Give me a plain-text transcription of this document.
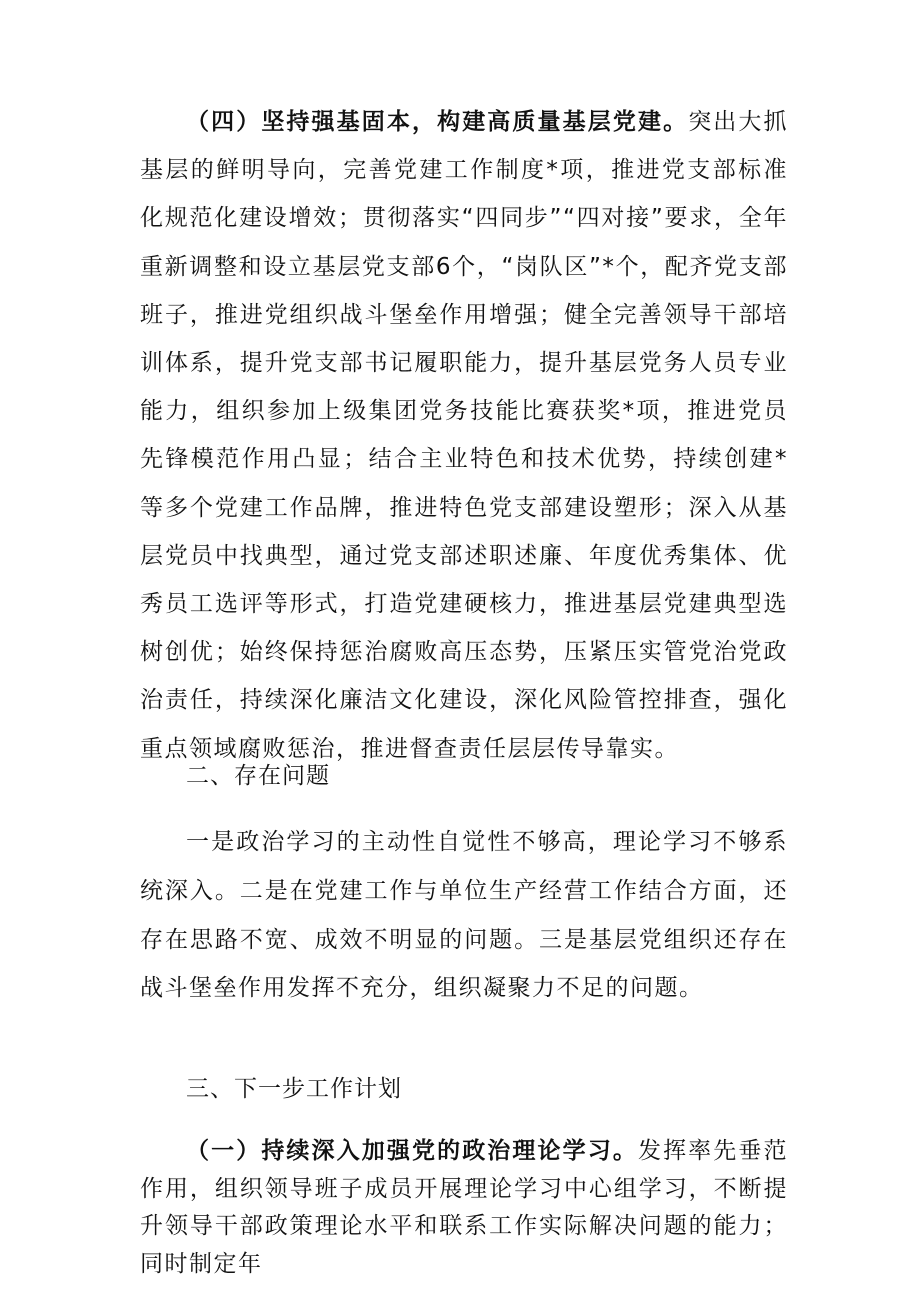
（四）坚持强基固本，构建高质量基层党建。突出大抓基层的鲜明导向，完善党建工作制度*项，推进党支部标准化规范化建设增效；贯彻落实“四同步”“四对接”要求，全年重新调整和设立基层党支部6个，“岗队区”*个，配齐党支部班子，推进党组织战斗堡垒作用增强；健全完善领导干部培训体系，提升党支部书记履职能力，提升基层党务人员专业能力，组织参加上级集团党务技能比赛获奖*项，推进党员先锋模范作用凸显；结合主业特色和技术优势，持续创建*等多个党建工作品牌，推进特色党支部建设塑形；深入从基层党员中找典型，通过党支部述职述廉、年度优秀集体、优秀员工选评等形式，打造党建硬核力，推进基层党建典型选树创优；始终保持惩治腐败高压态势，压紧压实管党治党政治责任，持续深化廉洁文化建设，深化风险管控排查，强化重点领域腐败惩治，推进督查责任层层传导靠实。

二、存在问题

一是政治学习的主动性自觉性不够高，理论学习不够系统深入。二是在党建工作与单位生产经营工作结合方面，还存在思路不宽、成效不明显的问题。三是基层党组织还存在战斗堡垒作用发挥不充分，组织凝聚力不足的问题。

三、下一步工作计划

（一）持续深入加强党的政治理论学习。发挥率先垂范作用，组织领导班子成员开展理论学习中心组学习，不断提升领导干部政策理论水平和联系工作实际解决问题的能力；同时制定年
